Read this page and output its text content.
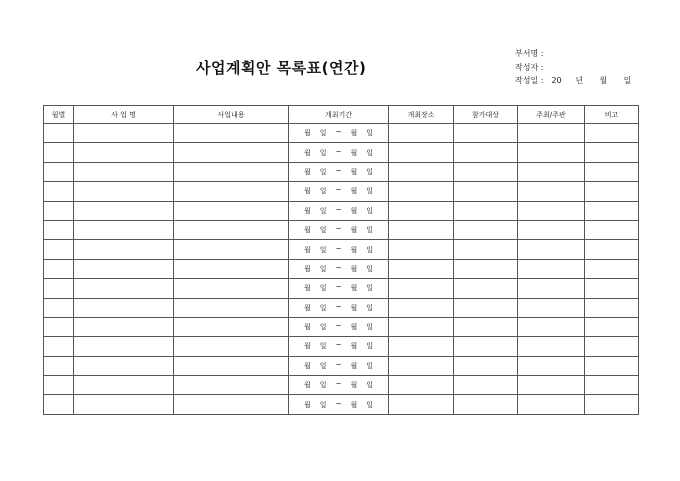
사업계획안 목록표(연간)
부서명 :
작성자 :
작성일 : 20	년	월	일
월별	사 업 명	사업내용	개최기간	개최장소	참가대상	주최/주관	비고

			월 일 ~ 월 일				

			월 일 ~ 월 일				

			월 일 ~ 월 일				

			월 일 ~ 월 일				

			월 일 ~ 월 일				

			월 일 ~ 월 일				

			월 일 ~ 월 일				

			월 일 ~ 월 일				

			월 일 ~ 월 일				

			월 일 ~ 월 일				

			월 일 ~ 월 일				

			월 일 ~ 월 일				

			월 일 ~ 월 일				

			월 일 ~ 월 일				

			월 일 ~ 월 일				
